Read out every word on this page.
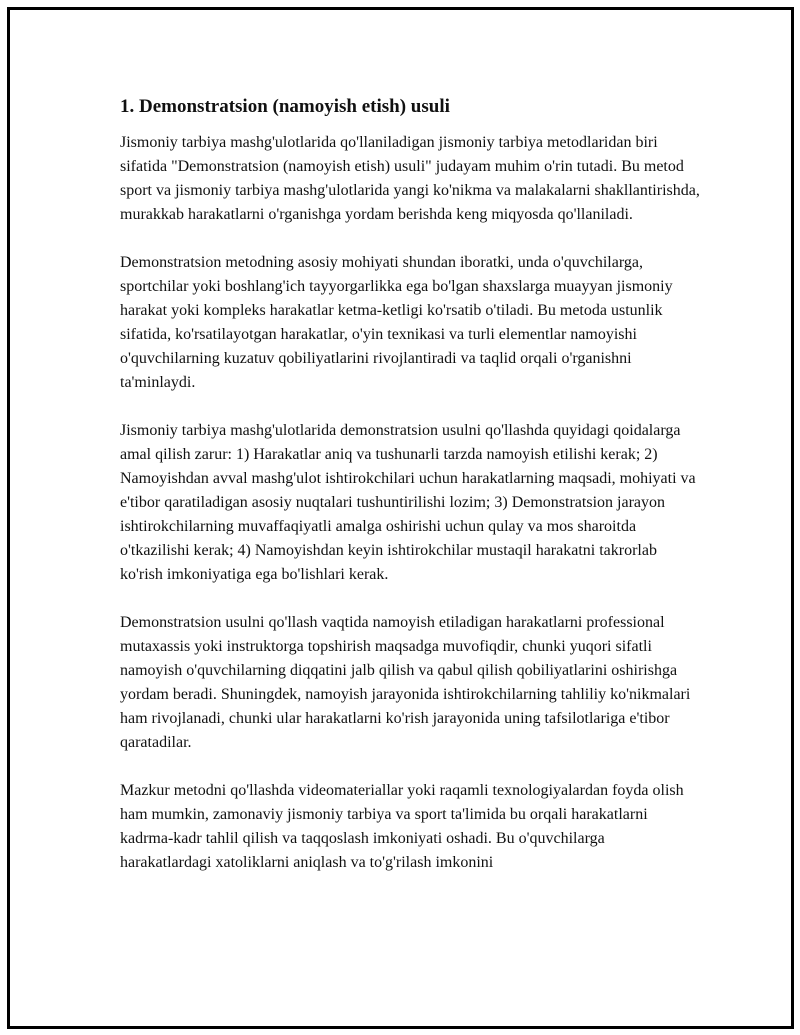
1. Demonstratsion (namoyish etish) usuli

Jismoniy tarbiya mashg'ulotlarida qo'llaniladigan jismoniy tarbiya metodlaridan biri sifatida "Demonstratsion (namoyish etish) usuli" judayam muhim o'rin tutadi. Bu metod sport va jismoniy tarbiya mashg'ulotlarida yangi ko'nikma va malakalarni shakllantirishda, murakkab harakatlarni o'rganishga yordam berishda keng miqyosda qo'llaniladi.

Demonstratsion metodning asosiy mohiyati shundan iboratki, unda o'quvchilarga, sportchilar yoki boshlang'ich tayyorgarlikka ega bo'lgan shaxslarga muayyan jismoniy harakat yoki kompleks harakatlar ketma-ketligi ko'rsatib o'tiladi. Bu metoda ustunlik sifatida, ko'rsatilayotgan harakatlar, o'yin texnikasi va turli elementlar namoyishi o'quvchilarning kuzatuv qobiliyatlarini rivojlantiradi va taqlid orqali o'rganishni ta'minlaydi.

Jismoniy tarbiya mashg'ulotlarida demonstratsion usulni qo'llashda quyidagi qoidalarga amal qilish zarur: 1) Harakatlar aniq va tushunarli tarzda namoyish etilishi kerak; 2) Namoyishdan avval mashg'ulot ishtirokchilari uchun harakatlarning maqsadi, mohiyati va e'tibor qaratiladigan asosiy nuqtalari tushuntirilishi lozim; 3) Demonstratsion jarayon ishtirokchilarning muvaffaqiyatli amalga oshirishi uchun qulay va mos sharoitda o'tkazilishi kerak; 4) Namoyishdan keyin ishtirokchilar mustaqil harakatni takrorlab ko'rish imkoniyatiga ega bo'lishlari kerak.

Demonstratsion usulni qo'llash vaqtida namoyish etiladigan harakatlarni professional mutaxassis yoki instruktorga topshirish maqsadga muvofiqdir, chunki yuqori sifatli namoyish o'quvchilarning diqqatini jalb qilish va qabul qilish qobiliyatlarini oshirishga yordam beradi. Shuningdek, namoyish jarayonida ishtirokchilarning tahliliy ko'nikmalari ham rivojlanadi, chunki ular harakatlarni ko'rish jarayonida uning tafsilotlariga e'tibor qaratadilar.

Mazkur metodni qo'llashda videomateriallar yoki raqamli texnologiyalardan foyda olish ham mumkin, zamonaviy jismoniy tarbiya va sport ta'limida bu orqali harakatlarni kadrma-kadr tahlil qilish va taqqoslash imkoniyati oshadi. Bu o'quvchilarga harakatlardagi xatoliklarni aniqlash va to'g'rilash imkonini
